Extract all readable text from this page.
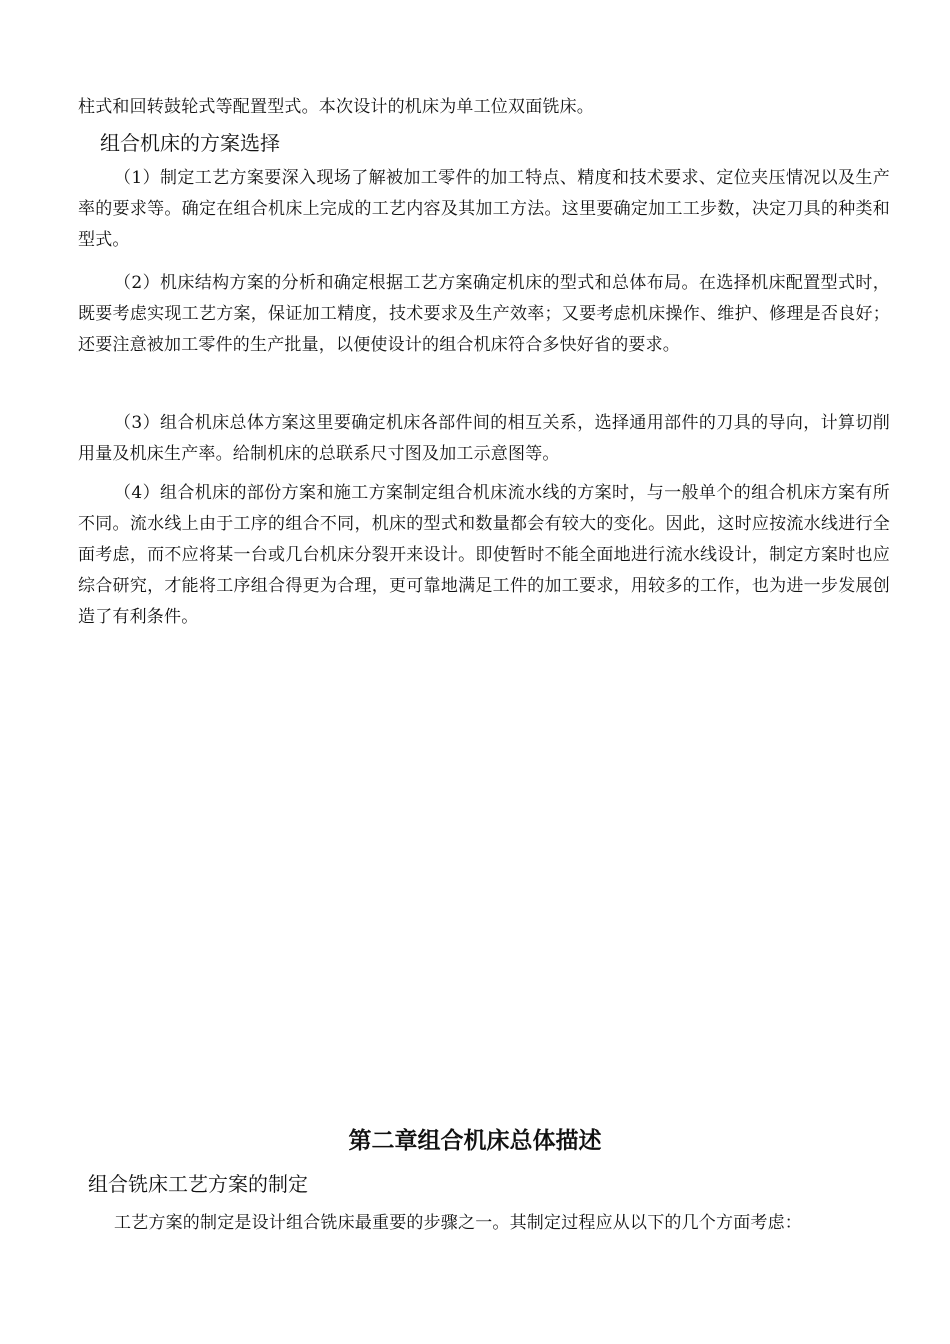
柱式和回转鼓轮式等配置型式。本次设计的机床为单工位双面铣床。

组合机床的方案选择

（1）制定工艺方案要深入现场了解被加工零件的加工特点、精度和技术要求、定位夹压情况以及生产率的要求等。确定在组合机床上完成的工艺内容及其加工方法。这里要确定加工工步数，决定刀具的种类和型式。

（2）机床结构方案的分析和确定根据工艺方案确定机床的型式和总体布局。在选择机床配置型式时，既要考虑实现工艺方案，保证加工精度，技术要求及生产效率；又要考虑机床操作、维护、修理是否良好；还要注意被加工零件的生产批量，以便使设计的组合机床符合多快好省的要求。

（3）组合机床总体方案这里要确定机床各部件间的相互关系，选择通用部件的刀具的导向，计算切削用量及机床生产率。给制机床的总联系尺寸图及加工示意图等。

（4）组合机床的部份方案和施工方案制定组合机床流水线的方案时，与一般单个的组合机床方案有所不同。流水线上由于工序的组合不同，机床的型式和数量都会有较大的变化。因此，这时应按流水线进行全面考虑，而不应将某一台或几台机床分裂开来设计。即使暂时不能全面地进行流水线设计，制定方案时也应综合研究，才能将工序组合得更为合理，更可靠地满足工件的加工要求，用较多的工作，也为进一步发展创造了有利条件。

第二章组合机床总体描述
组合铣床工艺方案的制定

工艺方案的制定是设计组合铣床最重要的步骤之一。其制定过程应从以下的几个方面考虑：
